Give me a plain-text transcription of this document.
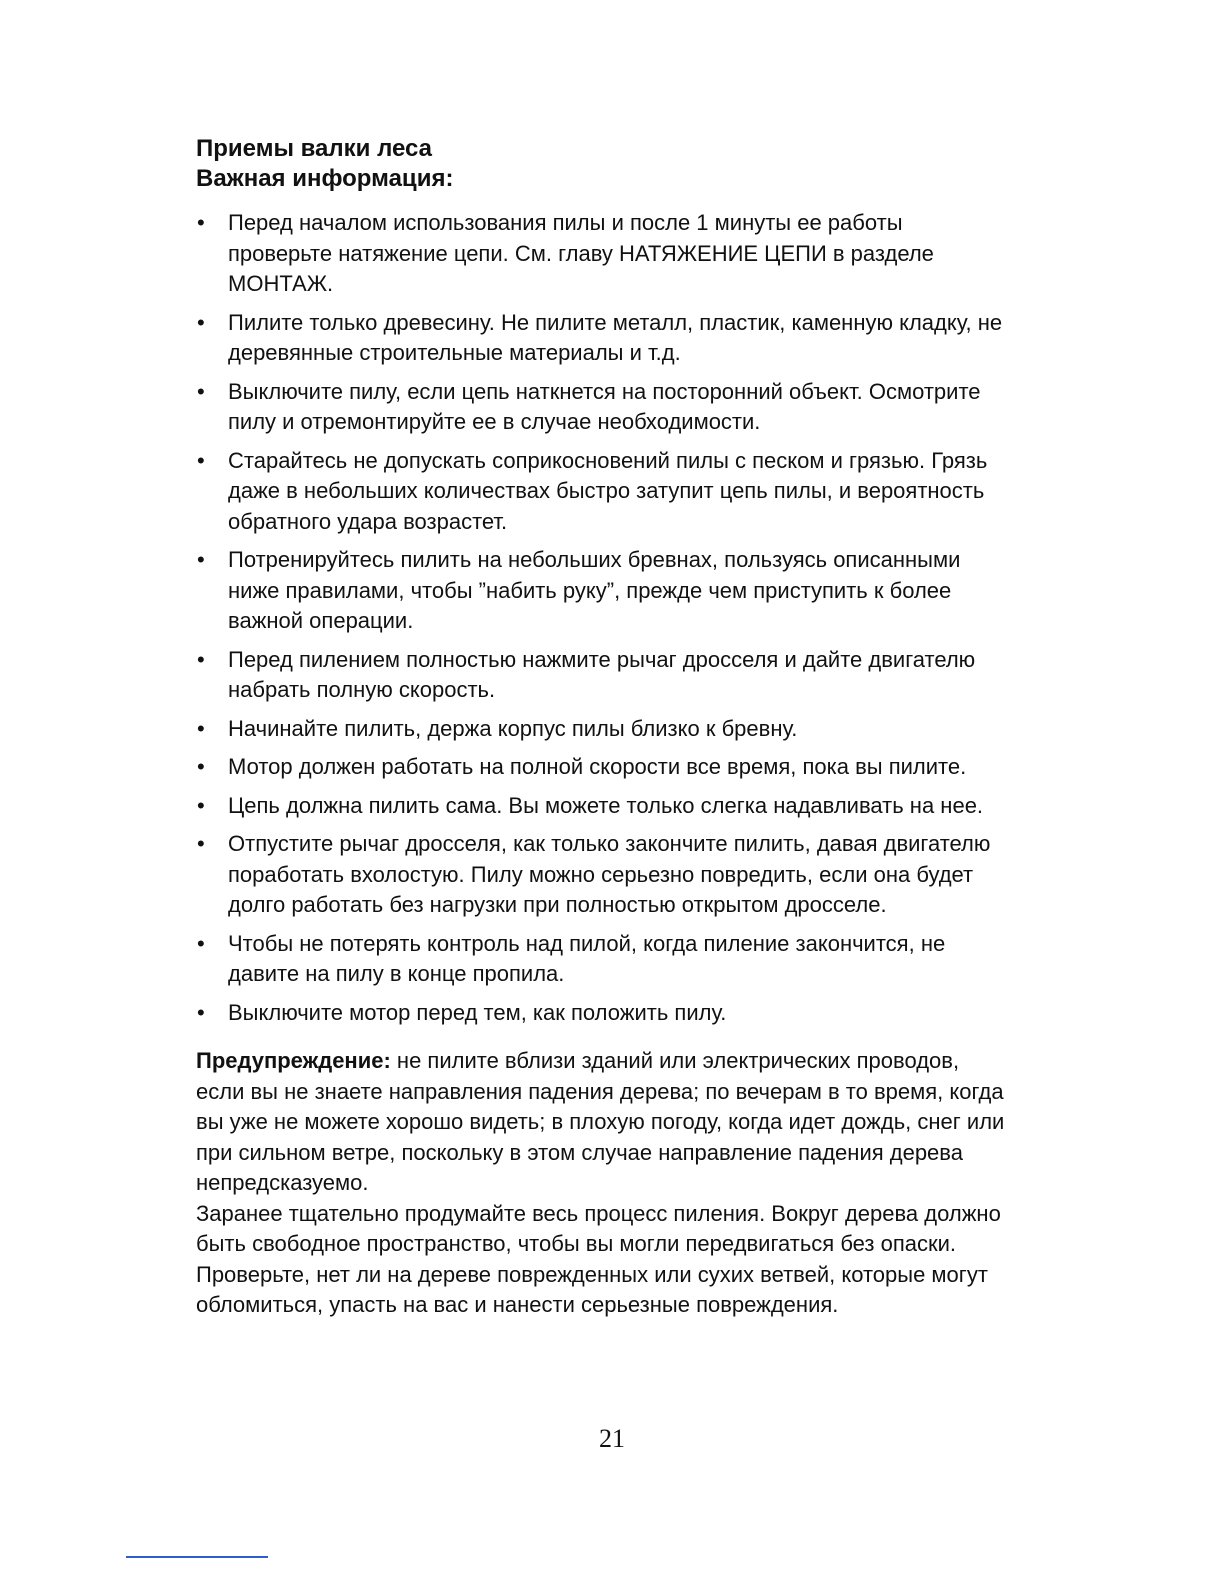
Приемы валки леса
Важная информация:
• Перед началом использования пилы и после 1 минуты ее работы проверьте натяжение цепи. См. главу НАТЯЖЕНИЕ ЦЕПИ в разделе МОНТАЖ.
• Пилите только древесину. Не пилите металл, пластик, каменную кладку, не деревянные строительные материалы и т.д.
• Выключите пилу, если цепь наткнется на посторонний объект. Осмотрите пилу и отремонтируйте ее в случае необходимости.
• Старайтесь не допускать соприкосновений пилы с песком и грязью. Грязь даже в небольших количествах быстро затупит цепь пилы, и вероятность обратного удара возрастет.
• Потренируйтесь пилить на небольших бревнах, пользуясь описанными ниже правилами, чтобы ”набить руку”, прежде чем приступить к более важной операции.
• Перед пилением полностью нажмите рычаг дросселя и дайте двигателю набрать полную скорость.
• Начинайте пилить, держа корпус пилы близко к бревну.
• Мотор должен работать на полной скорости все время, пока вы пилите.
• Цепь должна пилить сама. Вы можете только слегка надавливать на нее.
• Отпустите рычаг дросселя, как только закончите пилить, давая двигателю поработать вхолостую. Пилу можно серьезно повредить, если она будет долго работать без нагрузки при полностью открытом дросселе.
• Чтобы не потерять контроль над пилой, когда пиление закончится, не давите на пилу в конце пропила.
• Выключите мотор перед тем, как положить пилу.

Предупреждение: не пилите вблизи зданий или электрических проводов, если вы не знаете направления падения дерева; по вечерам в то время, когда вы уже не можете хорошо видеть; в плохую погоду, когда идет дождь, снег или при сильном ветре, поскольку в этом случае направление падения дерева непредсказуемо.

Заранее тщательно продумайте весь процесс пиления. Вокруг дерева должно быть свободное пространство, чтобы вы могли передвигаться без опаски. Проверьте, нет ли на дереве поврежденных или сухих ветвей, которые могут обломиться, упасть на вас и нанести серьезные повреждения.

21
